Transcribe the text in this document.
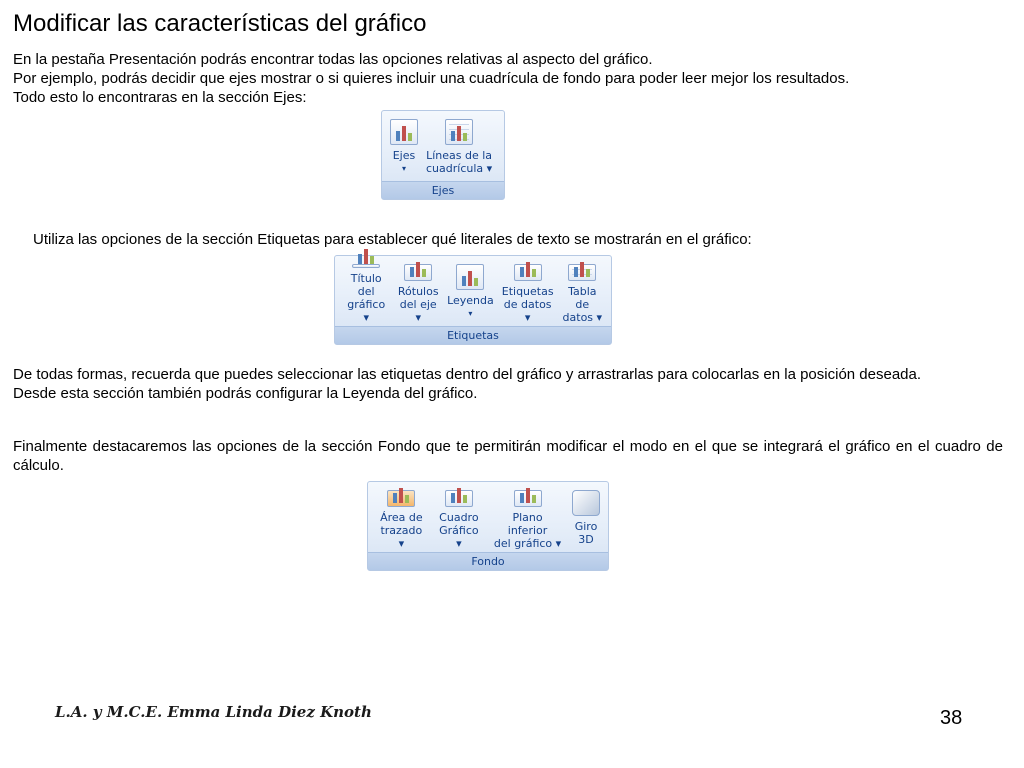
Modificar las características del gráfico

En la pestaña Presentación podrás encontrar todas las opciones relativas al aspecto del gráfico.
Por ejemplo, podrás decidir que ejes mostrar o si quieres incluir una cuadrícula de fondo para poder leer mejor los resultados.
Todo esto lo encontraras en la sección Ejes:

Ejes
▾
Líneas de la
cuadrícula ▾
Ejes

Utiliza las opciones de la sección Etiquetas para establecer qué literales de texto se mostrarán en el gráfico:

Título del
gráfico ▾
Rótulos
del eje ▾
Leyenda
▾
Etiquetas
de datos ▾
Tabla de
datos ▾
Etiquetas

De todas formas, recuerda que puedes seleccionar las etiquetas dentro del gráfico y arrastrarlas para colocarlas en la posición deseada.
Desde esta sección también podrás configurar la Leyenda del gráfico.

Finalmente destacaremos las opciones de la sección Fondo que te permitirán modificar el modo en el que se integrará el gráfico en el cuadro de cálculo.

Área de
trazado ▾
Cuadro
Gráfico ▾
Plano inferior
del gráfico ▾
Giro
3D
Fondo
L.A. y M.C.E. Emma Linda Diez Knoth	38
